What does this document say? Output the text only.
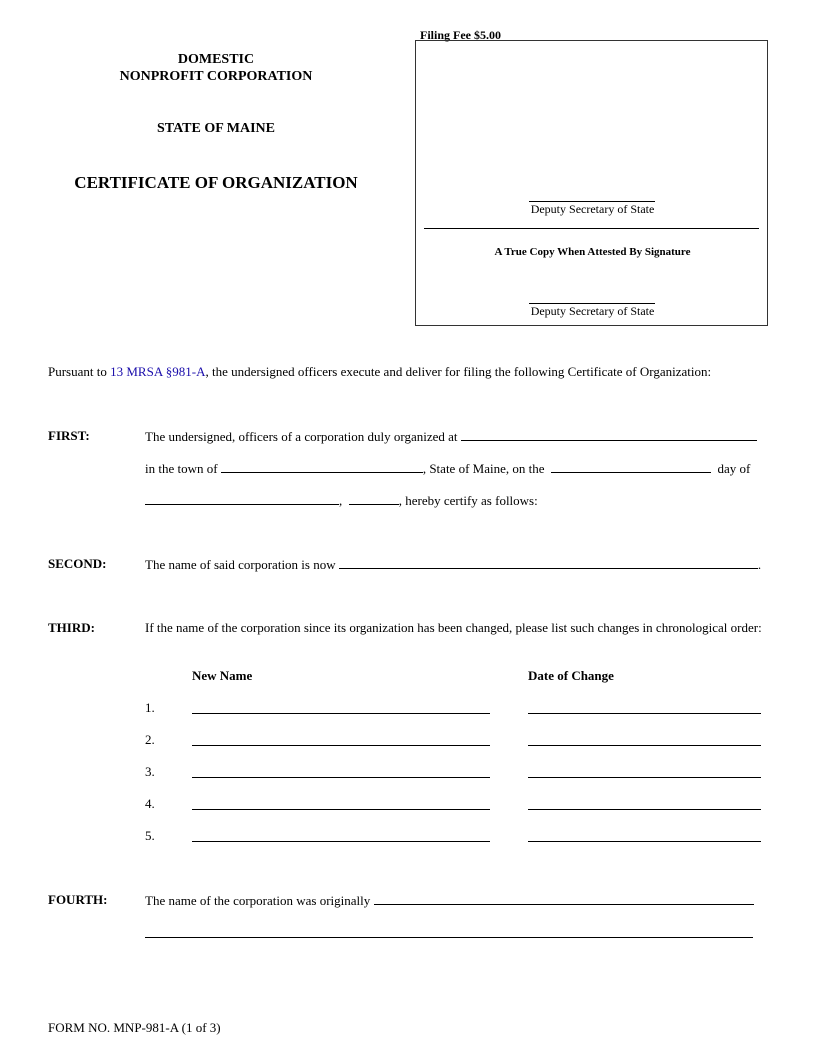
DOMESTIC
NONPROFIT CORPORATION
STATE OF MAINE
CERTIFICATE OF ORGANIZATION
Filing Fee $5.00
Deputy Secretary of State
A True Copy When Attested By Signature
Deputy Secretary of State
Pursuant to 13 MRSA §981-A, the undersigned officers execute and deliver for filing the following Certificate of Organization:
FIRST:	The undersigned, officers of a corporation duly organized at
in the town of	, State of Maine, on the	day of
,	, hereby certify as follows:
SECOND:	The name of said corporation is now	.
THIRD:	If the name of the corporation since its organization has been changed, please list such changes in chronological order:
New Name	Date of Change
1.
2.
3.
4.
5.
FOURTH:	The name of the corporation was originally
FORM NO. MNP-981-A (1 of 3)
